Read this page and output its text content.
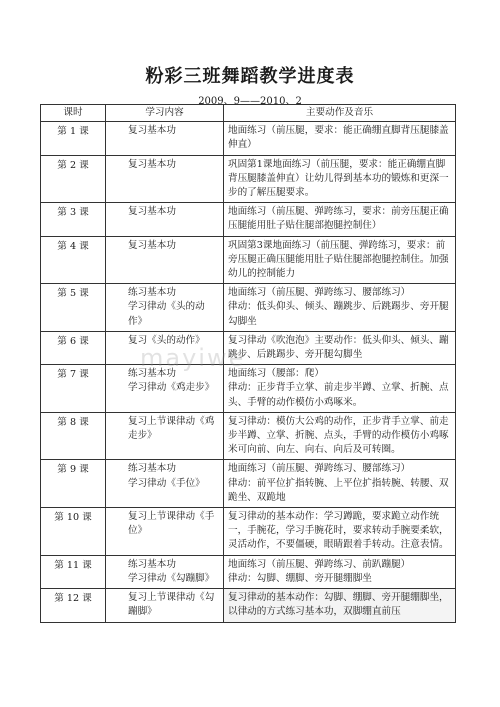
粉彩三班舞蹈教学进度表
2009、9——2010、2
课时	学习内容	主要动作及音乐
第 1 课	复习基本功	地面练习（前压腿，要求：能正确绷直脚背压腿膝盖伸直）

第 2 课	复习基本功	巩固第1课地面练习（前压腿，要求：能正确绷直脚背压腿膝盖伸直）让幼儿得到基本功的锻炼和更深一步的了解压腿要求。

第 3 课	复习基本功	地面练习（前压腿、弹跨练习，要求：前旁压腿正确压腿能用肚子贴住腿部抱腿控制住）

第 4 课	复习基本功	巩固第3课地面练习（前压腿、弹跨练习，要求：前旁压腿正确压腿能用肚子贴住腿部抱腿控制住。加强幼儿的控制能力

第 5 课	练习基本功
学习律动《头的动作》	地面练习（前压腿、弹跨练习、腰部练习）
律动：低头仰头、倾头、蹦跳步、后跳踢步、旁开腿勾脚坐

第 6 课	复习《头的动作》	复习律动《吹泡泡》主要动作：低头仰头、倾头、蹦跳步、后跳踢步、旁开腿勾脚坐

第 7 课	练习基本功
学习律动《鸡走步》	地面练习（腰部：爬）
律动：正步背手立掌、前走步半蹲、立掌、折腕、点头、手臂的动作模仿小鸡啄米。

第 8 课	复习上节课律动《鸡走步》	复习律动：模仿大公鸡的动作，正步背手立掌、前走步半蹲、立掌、折腕、点头，手臂的动作模仿小鸡啄米可向前、向左、向右、向后及可转圈。

第 9 课	练习基本功
学习律动《手位》	地面练习（前压腿、弹跨练习、腰部练习）
律动：前平位扩指转腕、上平位扩指转腕、转腰、双跪坐、双跪地

第 10 课	复习上节课律动《手位》	复习律动的基本动作：学习蹲跪，要求跪立动作统一，手腕花，学习手腕花时，要求转动手腕要柔软，灵活动作，不要僵硬，眼睛跟着手转动。注意表情。

第 11 课	练习基本功
学习律动《勾蹦脚》	地面练习（前压腿、弹跨练习、前趴蹦腿）
律动：勾脚、绷脚、旁开腿绷脚坐

第 12 课	复习上节课律动《勾蹦脚》	复习律动的基本动作：勾脚、绷脚、旁开腿绷脚坐，以律动的方式练习基本功，双脚绷直前压
mayiwe
